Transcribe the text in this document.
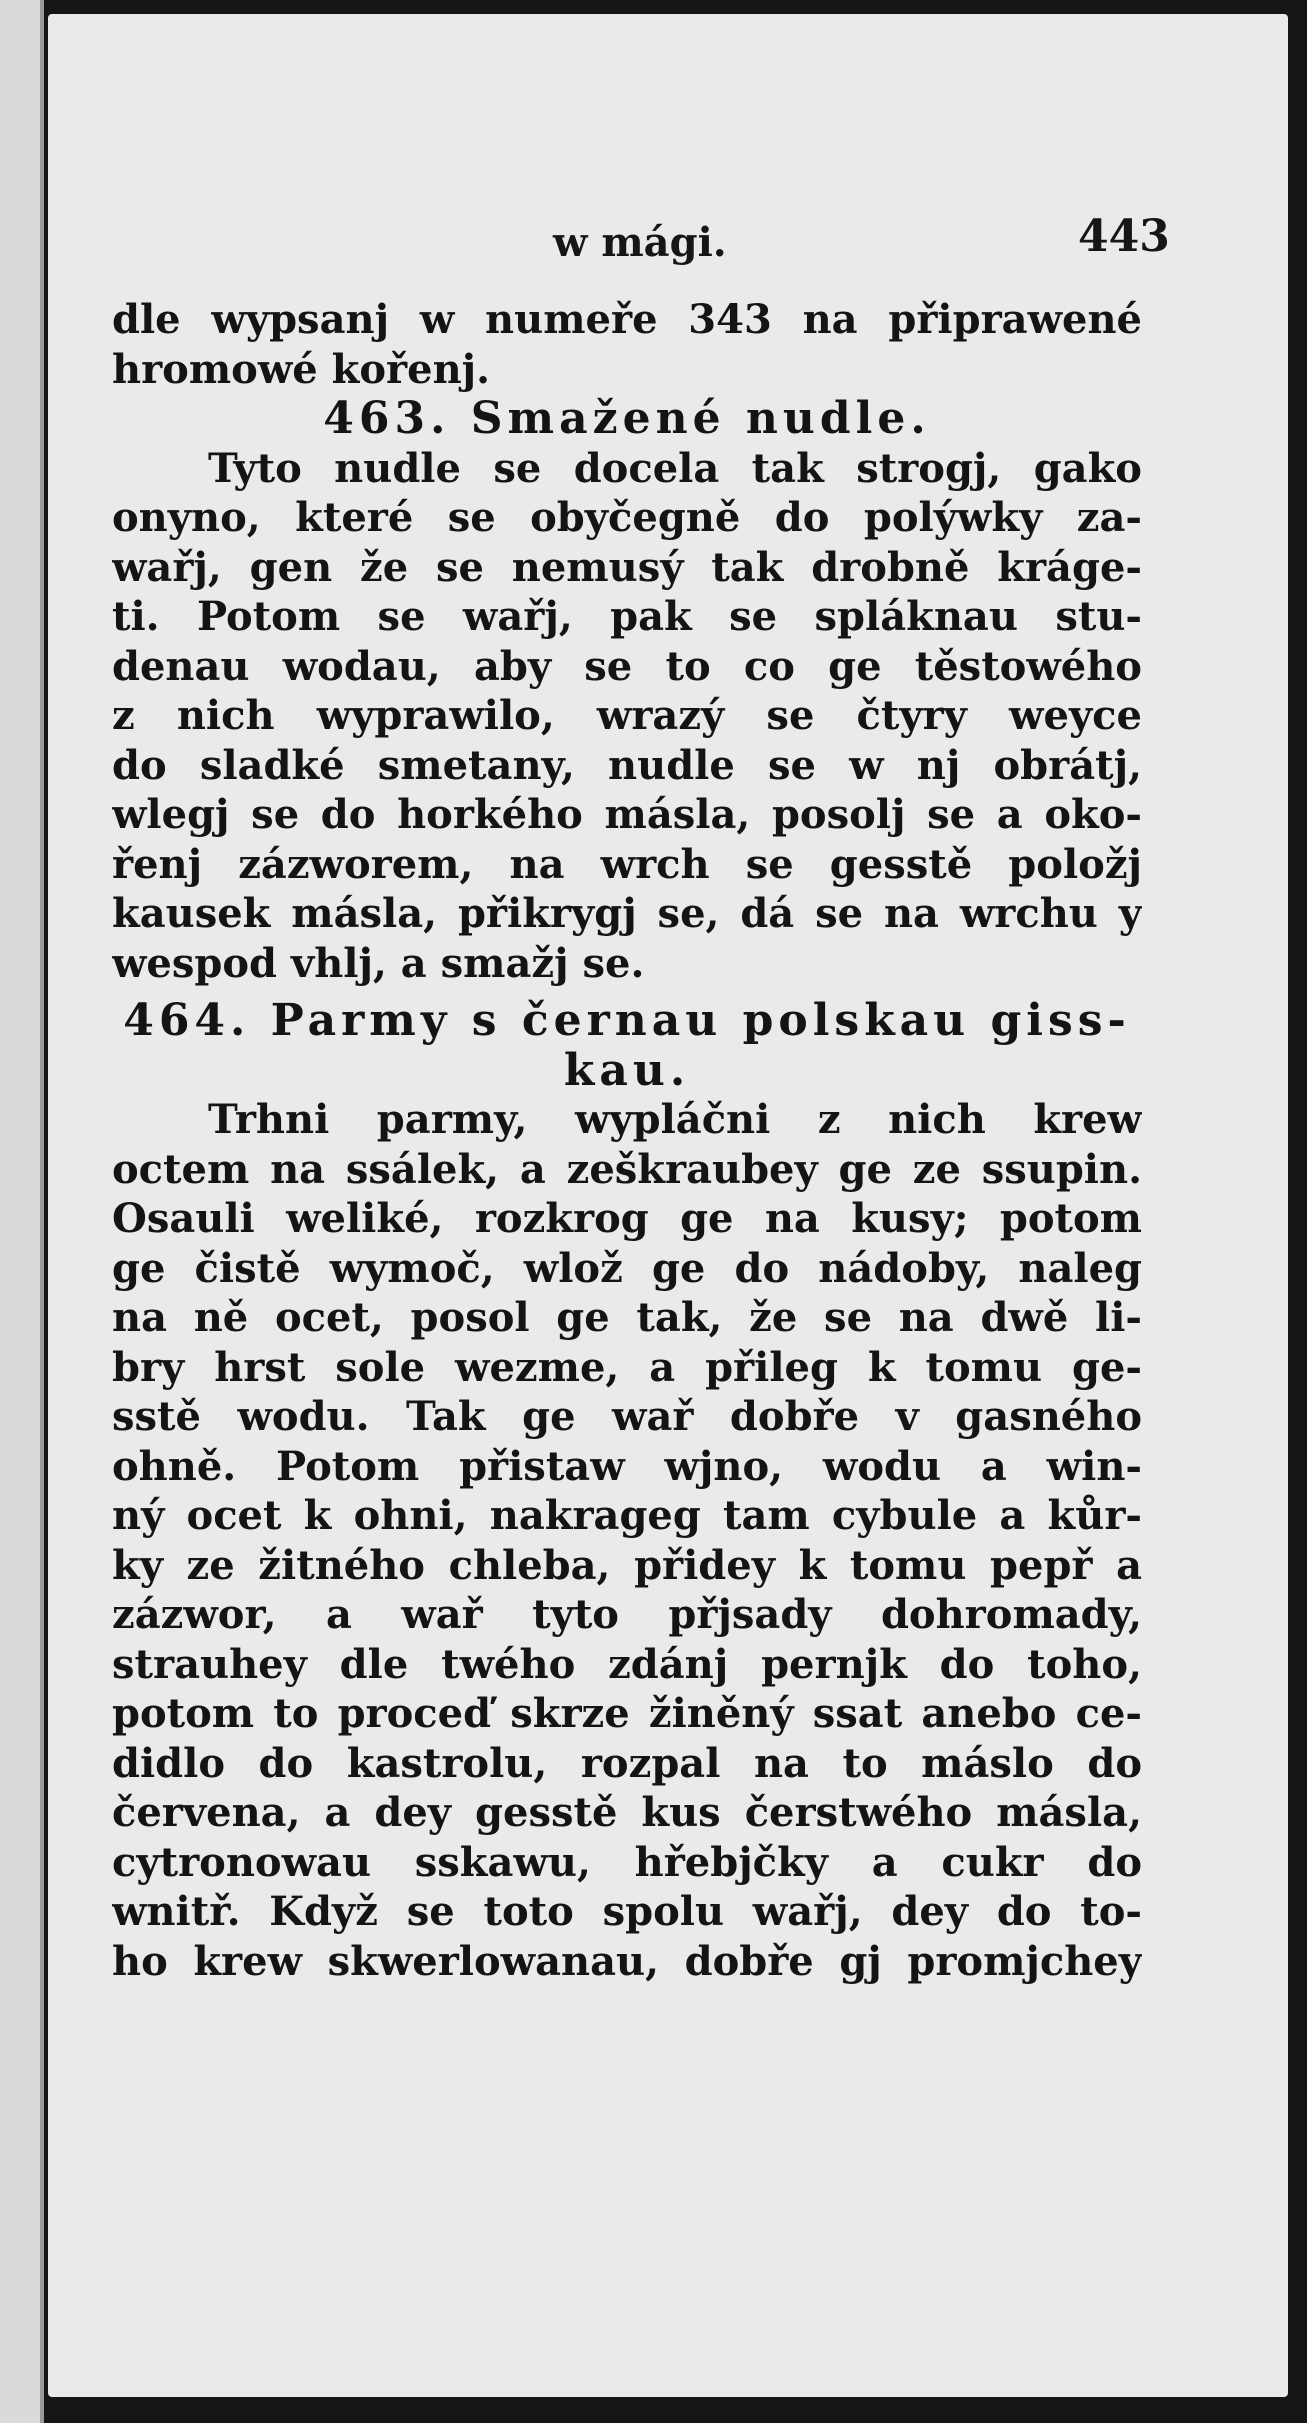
w mági.	443
dle wypsanj w numeře 343 na připrawené
hromowé kořenj.
463. Smažené nudle.
Tyto nudle se docela tak strogj, gako
onyno, které se obyčegně do polýwky za-
wařj, gen že se nemusý tak drobně kráge-
ti. Potom se wařj, pak se spláknau stu-
denau wodau, aby se to co ge těstowého
z nich wyprawilo, wrazý se čtyry weyce
do sladké smetany, nudle se w nj obrátj,
wlegj se do horkého másla, posolj se a oko-
řenj zázworem, na wrch se gesstě položj
kausek másla, přikrygj se, dá se na wrchu y
wespod vhlj, a smažj se.
464. Parmy s černau polskau giss-
kau.
Trhni parmy, wypláčni z nich krew
octem na ssálek, a zeškraubey ge ze ssupin.
Osauli weliké, rozkrog ge na kusy; potom
ge čistě wymoč, wlož ge do nádoby, naleg
na ně ocet, posol ge tak, že se na dwě li-
bry hrst sole wezme, a přileg k tomu ge-
sstě wodu. Tak ge wař dobře v gasného
ohně. Potom přistaw wjno, wodu a win-
ný ocet k ohni, nakrageg tam cybule a kůr-
ky ze žitného chleba, přidey k tomu pepř a
zázwor, a wař tyto přjsady dohromady,
strauhey dle twého zdánj pernjk do toho,
potom to proceď skrze žiněný ssat anebo ce-
didlo do kastrolu, rozpal na to máslo do
červena, a dey gesstě kus čerstwého másla,
cytronowau sskawu, hřebjčky a cukr do
wnitř. Když se toto spolu wařj, dey do to-
ho krew skwerlowanau, dobře gj promjchey
